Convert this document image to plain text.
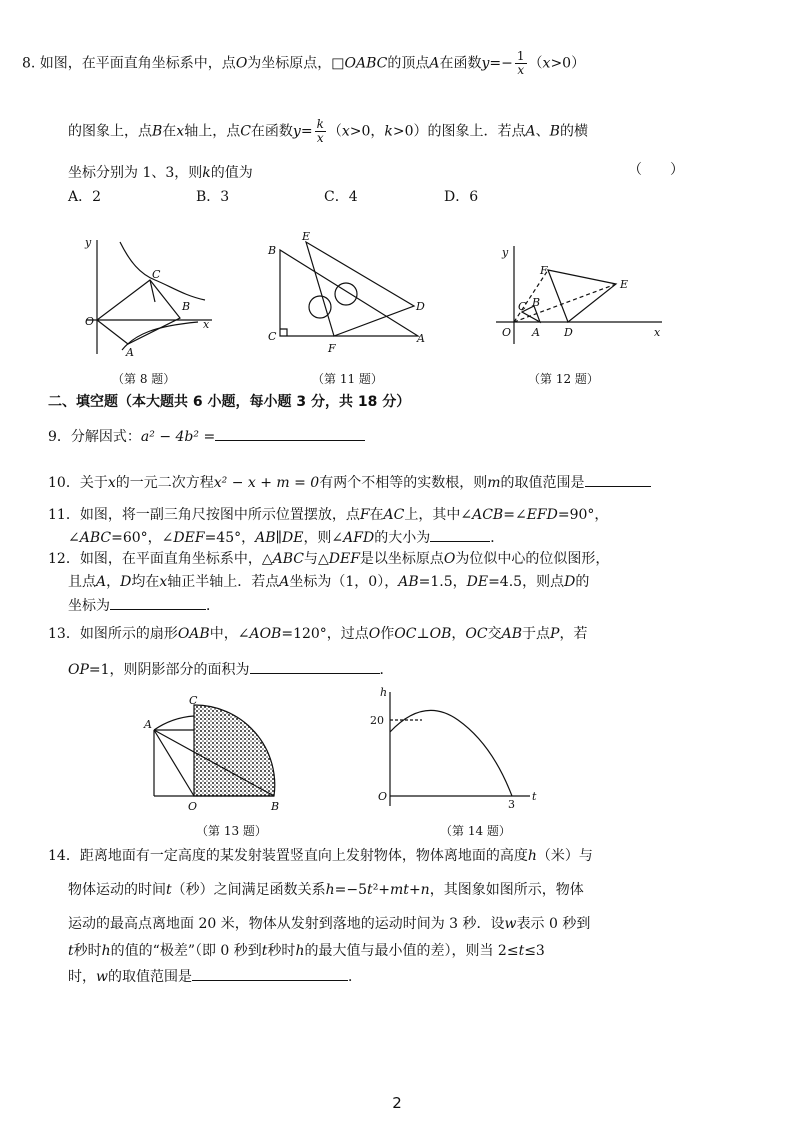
8. 如图，在平面直角坐标系中，点O为坐标原点，□OABC的顶点A在函数$y=- \frac{1}{x} (x>0)$
的图象上，点B在x轴上，点C在函数$y= \frac{k}{x} (x>0$，k>0）的图象上．若点A、B的横
坐标分别为 1、3，则k的值为	（　　）
A．2	B．3	C．4	D．6
y
x
O
A
B
C
（第 8 题）
B
C
E
D
A
F
（第 11 题）
y
x
O A
B
C
D
E
F
（第 12 题）
二、填空题（本大题共 6 小题，每小题 3 分，共 18 分）
9．分解因式：a² − 4b² =
10．关于x的一元二次方程x² − x + m = 0有两个不相等的实数根，则m的取值范围是
11．如图，将一副三角尺按图中所示位置摆放，点F在AC上，其中∠ACB=∠EFD=90°，
∠ABC=60°，∠DEF=45°，AB∥DE，则∠AFD的大小为	．
12．如图，在平面直角坐标系中，△ABC与△DEF是以坐标原点O为位似中心的位似图形，
且点A，D均在x轴正半轴上．若点A坐标为（1，0），AB=1.5，DE=4.5，则点D的
坐标为	．
13．如图所示的扇形OAB中，∠AOB=120°，过点O作OC⊥OB，OC交AB于点P，若
OP=1，则阴影部分的面积为	．
A
C
O	B
（第 13 题）
h
t
20
O
3
（第 14 题）
14．距离地面有一定高度的某发射装置竖直向上发射物体，物体离地面的高度h（米）与
物体运动的时间t（秒）之间满足函数关系h=−5t²+mt+n，其图象如图所示，物体
运动的最高点离地面 20 米，物体从发射到落地的运动时间为 3 秒．设w表示 0 秒到
t秒时h的值的“极差”（即 0 秒到t秒时h的最大值与最小值的差），则当 2≤t≤3
时，w的取值范围是	．
2
